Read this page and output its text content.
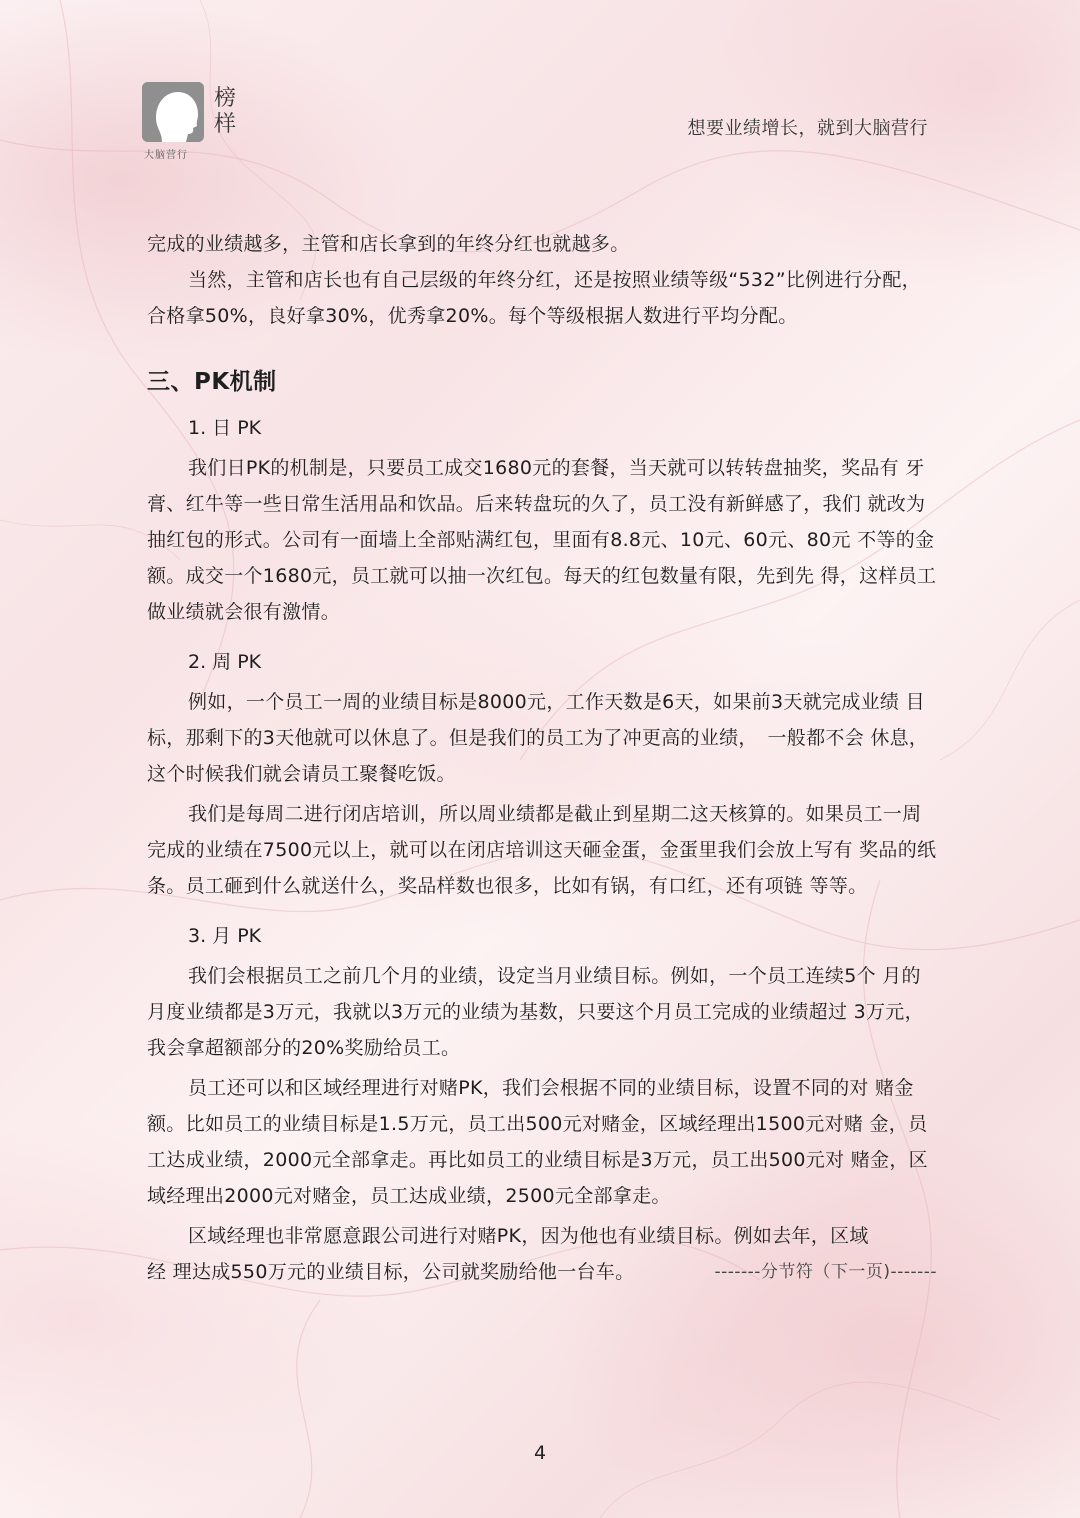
榜
样
大脑营行
想要业绩增长，就到大脑营行

完成的业绩越多，主管和店长拿到的年终分红也就越多。

当然，主管和店长也有自己层级的年终分红，还是按照业绩等级“532”比例进行分配，合格拿50%，良好拿30%，优秀拿20%。每个等级根据人数进行平均分配。

三、PK机制

1. 日 PK

我们日PK的机制是，只要员工成交1680元的套餐，当天就可以转转盘抽奖，奖品有 牙膏、红牛等一些日常生活用品和饮品。后来转盘玩的久了，员工没有新鲜感了，我们 就改为抽红包的形式。公司有一面墙上全部贴满红包，里面有8.8元、10元、60元、80元 不等的金额。成交一个1680元，员工就可以抽一次红包。每天的红包数量有限，先到先 得，这样员工做业绩就会很有激情。

2. 周 PK

例如，一个员工一周的业绩目标是8000元，工作天数是6天，如果前3天就完成业绩 目标，那剩下的3天他就可以休息了。但是我们的员工为了冲更高的业绩，　一般都不会 休息，这个时候我们就会请员工聚餐吃饭。

我们是每周二进行闭店培训，所以周业绩都是截止到星期二这天核算的。如果员工一周完成的业绩在7500元以上，就可以在闭店培训这天砸金蛋，金蛋里我们会放上写有 奖品的纸条。员工砸到什么就送什么，奖品样数也很多，比如有锅，有口红，还有项链 等等。

3. 月 PK

我们会根据员工之前几个月的业绩，设定当月业绩目标。例如，一个员工连续5个 月的月度业绩都是3万元，我就以3万元的业绩为基数，只要这个月员工完成的业绩超过 3万元，我会拿超额部分的20%奖励给员工。

员工还可以和区域经理进行对赌PK，我们会根据不同的业绩目标，设置不同的对 赌金额。比如员工的业绩目标是1.5万元，员工出500元对赌金，区域经理出1500元对赌 金，员工达成业绩，2000元全部拿走。再比如员工的业绩目标是3万元，员工出500元对 赌金，区域经理出2000元对赌金，员工达成业绩，2500元全部拿走。

区域经理也非常愿意跟公司进行对赌PK，因为他也有业绩目标。例如去年，区域

经 理达成550万元的业绩目标，公司就奖励给他一台车。	-------分节符（下一页)-------
4
